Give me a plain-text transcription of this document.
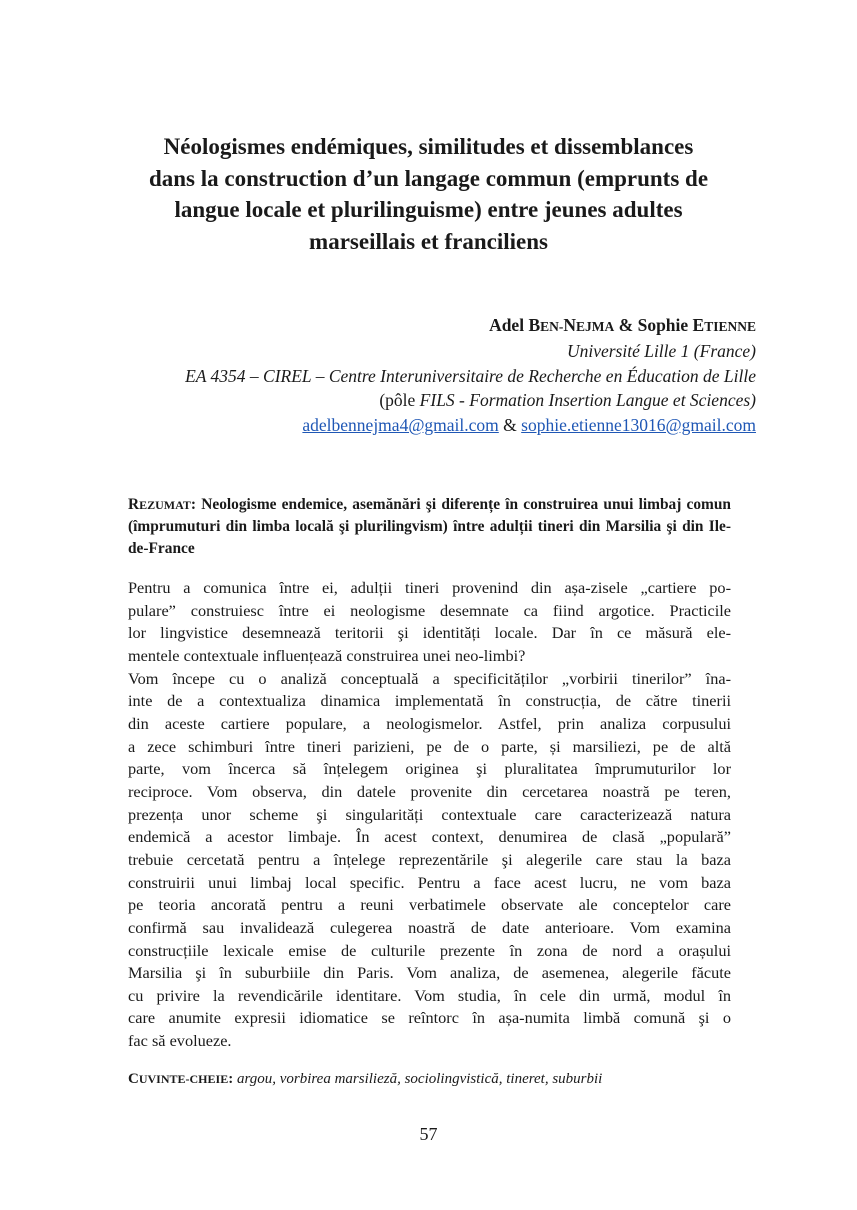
Néologismes endémiques, similitudes et dissemblances
dans la construction d’un langage commun (emprunts de
langue locale et plurilinguisme) entre jeunes adultes
marseillais et franciliens
Adel BEN-NEJMA & Sophie ETIENNE
Université Lille 1 (France)
EA 4354 – CIREL – Centre Interuniversitaire de Recherche en Éducation de Lille
(pôle FILS - Formation Insertion Langue et Sciences)
adelbennejma4@gmail.com & sophie.etienne13016@gmail.com
REZUMAT: Neologisme endemice, asemănări şi diferențe în construirea unui limbaj comun (împrumuturi din limba locală şi plurilingvism) între adulții tineri din Marsilia şi din Ile-de-France
Pentru a comunica între ei, adulții tineri provenind din așa-zisele „cartiere po-
pulare” construiesc între ei neologisme desemnate ca fiind argotice. Practicile
lor lingvistice desemnează teritorii şi identități locale. Dar în ce măsură ele-
mentele contextuale influențează construirea unei neo-limbi?
Vom începe cu o analiză conceptuală a specificităților „vorbirii tinerilor” îna-
inte de a contextualiza dinamica implementată în construcția, de către tinerii
din aceste cartiere populare, a neologismelor. Astfel, prin analiza corpusului
a zece schimburi între tineri parizieni, pe de o parte, și marsiliezi, pe de altă
parte, vom încerca să înțelegem originea şi pluralitatea împrumuturilor lor
reciproce. Vom observa, din datele provenite din cercetarea noastră pe teren,
prezența unor scheme şi singularități contextuale care caracterizează natura
endemică a acestor limbaje. În acest context, denumirea de clasă „populară”
trebuie cercetată pentru a înțelege reprezentările şi alegerile care stau la baza
construirii unui limbaj local specific. Pentru a face acest lucru, ne vom baza
pe teoria ancorată pentru a reuni verbatimele observate ale conceptelor care
confirmă sau invalidează culegerea noastră de date anterioare. Vom examina
construcțiile lexicale emise de culturile prezente în zona de nord a orașului
Marsilia şi în suburbiile din Paris. Vom analiza, de asemenea, alegerile făcute
cu privire la revendicările identitare. Vom studia, în cele din urmă, modul în
care anumite expresii idiomatice se reîntorc în așa-numita limbă comună şi o
fac să evolueze.
CUVINTE-CHEIE: argou, vorbirea marsilieză, sociolingvistică, tineret, suburbii
57
